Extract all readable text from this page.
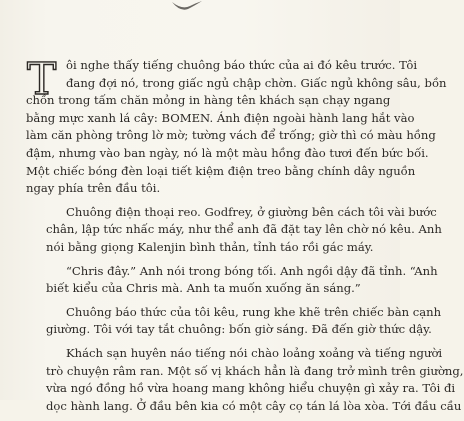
T ôi nghe thấy tiếng chuông báo thức của ai đó kêu trước. Tôi
đang đợi nó, trong giấc ngủ chập chờn. Giấc ngủ không sâu, bồn
chồn trong tấm chăn mỏng in hàng tên khách sạn chạy ngang
bằng mực xanh lá cây: BOMEN. Ánh điện ngoài hành lang hắt vào
làm căn phòng trông lờ mờ; tường vách để trống; giờ thì có màu hồng
đậm, nhưng vào ban ngày, nó là một màu hồng đào tươi đến bức bối.
Một chiếc bóng đèn loại tiết kiệm điện treo bằng chính dây nguồn
ngay phía trên đầu tôi.
Chuông điện thoại reo. Godfrey, ở giường bên cách tôi vài bước
chân, lập tức nhấc máy, như thể anh đã đặt tay lên chờ nó kêu. Anh
nói bằng giọng Kalenjin bình thản, tỉnh táo rồi gác máy.
“Chris đây.” Anh nói trong bóng tối. Anh ngồi dậy đã tỉnh. “Anh
biết kiểu của Chris mà. Anh ta muốn xuống ăn sáng.”
Chuông báo thức của tôi kêu, rung khe khẽ trên chiếc bàn cạnh
giường. Tôi với tay tắt chuông: bốn giờ sáng. Đã đến giờ thức dậy.
Khách sạn huyên náo tiếng nói chào loảng xoảng và tiếng người
trò chuyện râm ran. Một số vị khách hẳn là đang trở mình trên giường,
vừa ngó đồng hồ vừa hoang mang không hiểu chuyện gì xảy ra. Tôi đi
dọc hành lang. Ở đầu bên kia có một cây cọ tán lá lòa xòa. Tới đầu cầu
